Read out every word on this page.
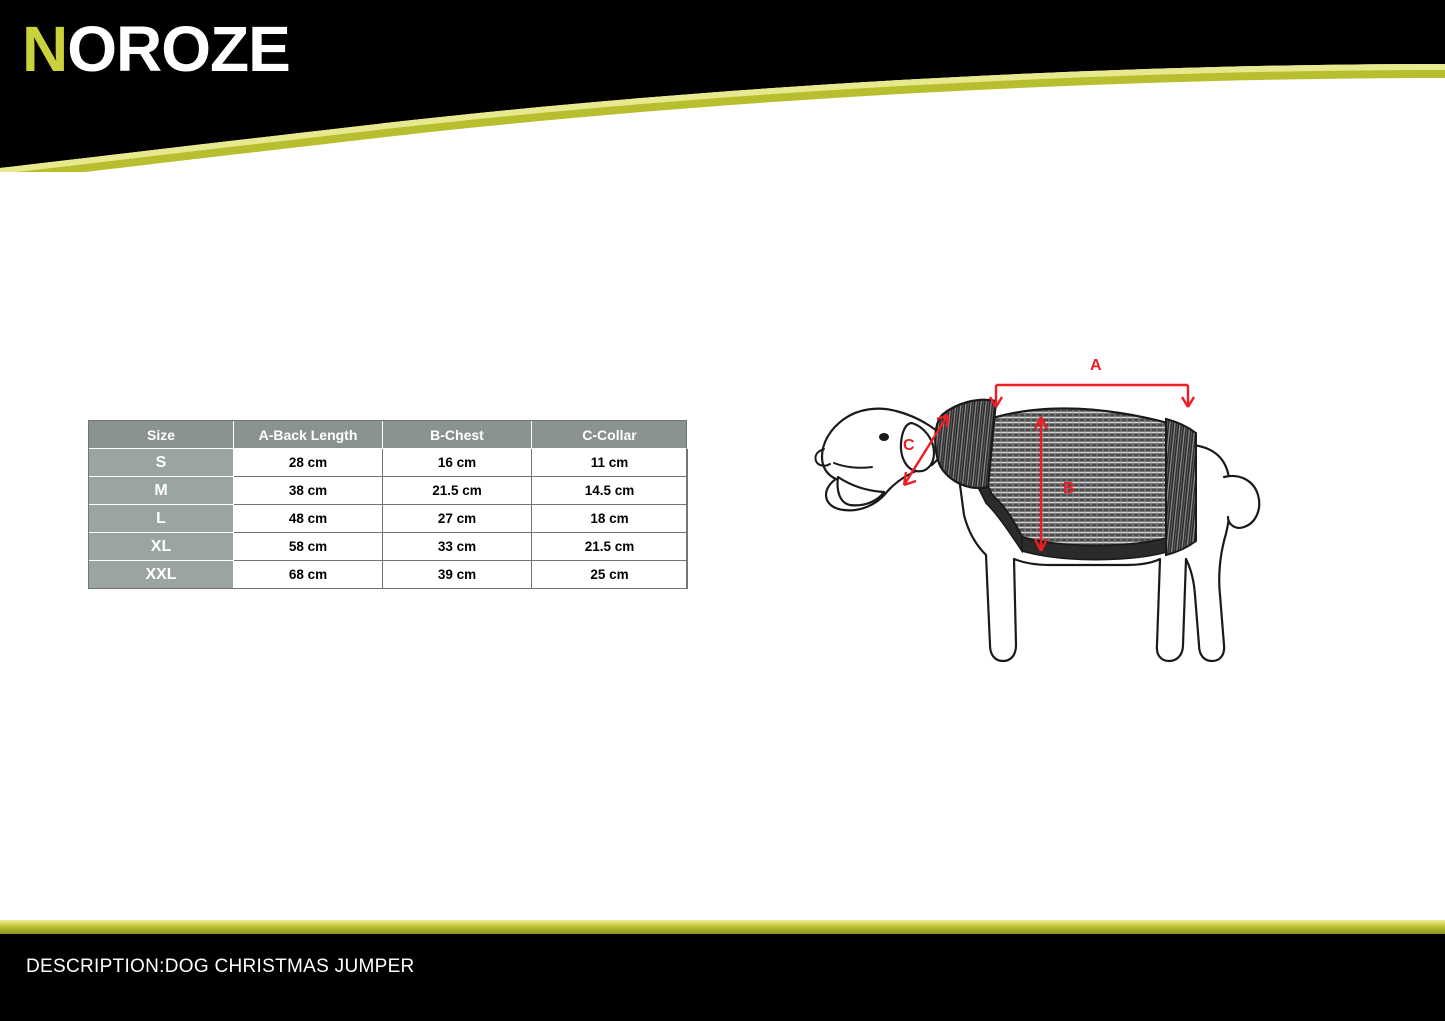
NOROZE
Size	A-Back Length	B-Chest	C-Collar
S	28 cm	16 cm	11 cm
M	38 cm	21.5 cm	14.5 cm
L	48 cm	27 cm	18 cm
XL	58 cm	33 cm	21.5 cm
XXL	68 cm	39 cm	25 cm
A
B
C
DESCRIPTION:DOG CHRISTMAS JUMPER
